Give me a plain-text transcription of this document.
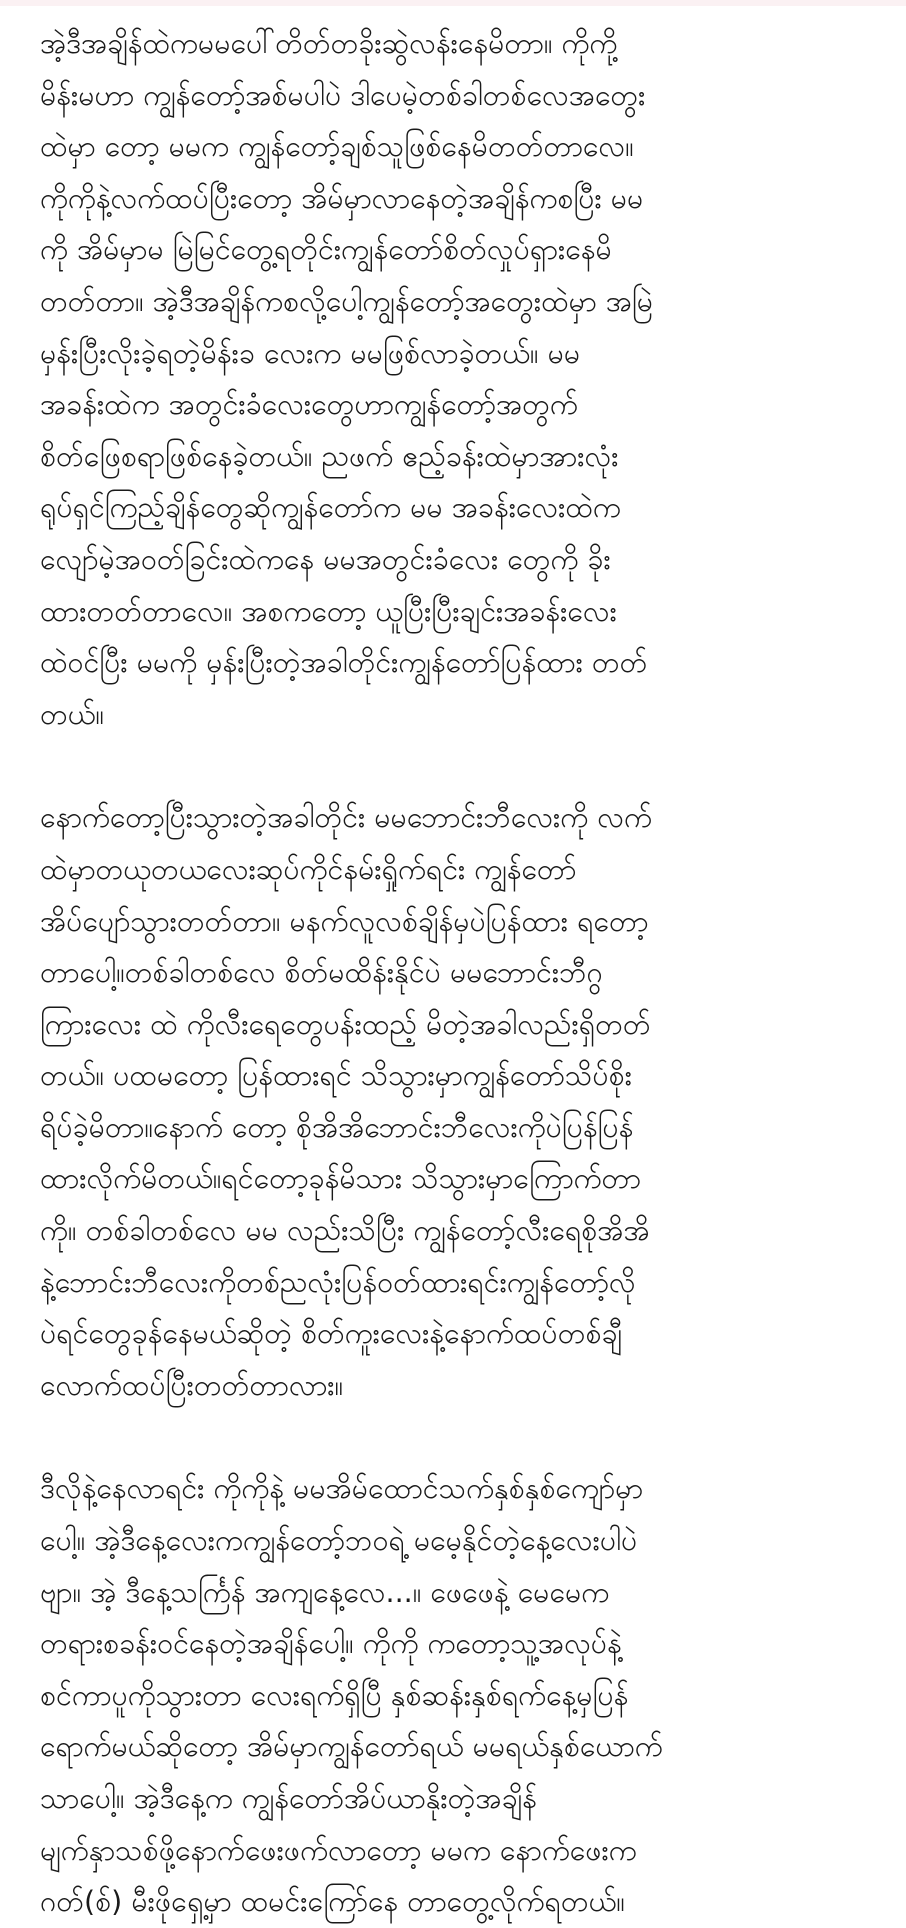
အဲ့ဒီအချိန်ထဲကမမပေါ်တိတ်တခိုးဆွဲလန်းနေမိတာ။ ကိုကို့
မိန်းမဟာ ကျွန်တော့်အစ်မပါပဲ ဒါပေမဲ့တစ်ခါတစ်လေအတွေး
ထဲမှာ တော့ မမက ကျွန်တော့်ချစ်သူဖြစ်နေမိတတ်တာလေ။
ကိုကိုနဲ့လက်ထပ်ပြီးတော့ အိမ်မှာလာနေတဲ့အချိန်ကစပြီး မမ
ကို အိမ်မှာမ မြဲမြင်တွေ့ရတိုင်းကျွန်တော်စိတ်လှုပ်ရှားနေမိ
တတ်တာ။ အဲ့ဒီအချိန်ကစလို့ပေါ့ကျွန်တော့်အတွေးထဲမှာ အမြဲ
မှန်းပြီးလိုးခဲ့ရတဲ့မိန်းခ လေးက မမဖြစ်လာခဲ့တယ်။ မမ
အခန်းထဲက အတွင်းခံလေးတွေဟာကျွန်တော့်အတွက်
စိတ်ဖြေစရာဖြစ်နေခဲ့တယ်။ ညဖက် ဧည့်ခန်းထဲမှာအားလုံး
ရုပ်ရှင်ကြည့်ချိန်တွေဆိုကျွန်တော်က မမ အခန်းလေးထဲက
လျော်မဲ့အဝတ်ခြင်းထဲကနေ မမအတွင်းခံလေး တွေကို ခိုး
ထားတတ်တာလေ။ အစကတော့ ယူပြီးပြီးချင်းအခန်းလေး
ထဲဝင်ပြီး မမကို မှန်းပြီးတဲ့အခါတိုင်းကျွန်တော်ပြန်ထား တတ်
တယ်။
နောက်တော့ပြီးသွားတဲ့အခါတိုင်း မမဘောင်းဘီလေးကို လက်
ထဲမှာတယုတယလေးဆုပ်ကိုင်နမ်းရှိုက်ရင်း ကျွန်တော်
အိပ်ပျော်သွားတတ်တာ။ မနက်လူလစ်ချိန်မှပဲပြန်ထား ရတော့
တာပေါ့။တစ်ခါတစ်လေ စိတ်မထိန်းနိုင်ပဲ မမဘောင်းဘီဂွ
ကြားလေး ထဲ ကိုလီးရေတွေပန်းထည့် မိတဲ့အခါလည်းရှိတတ်
တယ်။ ပထမတော့ ပြန်ထားရင် သိသွားမှာကျွန်တော်သိပ်စိုး
ရိပ်ခဲ့မိတာ။နောက် တော့ စိုအိအိဘောင်းဘီလေးကိုပဲပြန်ပြန်
ထားလိုက်မိတယ်။ရင်တော့ခုန်မိသား သိသွားမှာကြောက်တာ
ကို။ တစ်ခါတစ်လေ မမ လည်းသိပြီး ကျွန်တော့်လီးရေစိုအိအိ
နဲ့ဘောင်းဘီလေးကိုတစ်ညလုံးပြန်ဝတ်ထားရင်းကျွန်တော့်လို
ပဲရင်တွေခုန်နေမယ်ဆိုတဲ့ စိတ်ကူးလေးနဲ့နောက်ထပ်တစ်ချီ
လောက်ထပ်ပြီးတတ်တာလား။
ဒီလိုနဲ့နေလာရင်း ကိုကိုနဲ့ မမအိမ်ထောင်သက်နှစ်နှစ်ကျော်မှာ
ပေါ့။ အဲ့ဒီနေ့လေးကကျွန်တော့်ဘဝရဲ့ မမေ့နိုင်တဲ့နေ့လေးပါပဲ
ဗျာ။ အဲ့ ဒီနေ့သင်္ကြန် အကျနေ့လေ...။ ဖေဖေနဲ့ မေမေက
တရားစခန်းဝင်နေတဲ့အချိန်ပေါ့။ ကိုကို ကတော့သူ့အလုပ်နဲ့
စင်ကာပူကိုသွားတာ လေးရက်ရှိပြီ နှစ်ဆန်းနှစ်ရက်နေ့မှပြန်
ရောက်မယ်ဆိုတော့ အိမ်မှာကျွန်တော်ရယ် မမရယ်နှစ်ယောက်
သာပေါ့။ အဲ့ဒီနေ့က ကျွန်တော်အိပ်ယာနိုးတဲ့အချိန်
မျက်နှာသစ်ဖို့နောက်ဖေးဖက်လာတော့ မမက နောက်ဖေးက
ဂတ်(စ်) မီးဖိုရှေ့မှာ ထမင်းကြော်နေ တာတွေ့လိုက်ရတယ်။
